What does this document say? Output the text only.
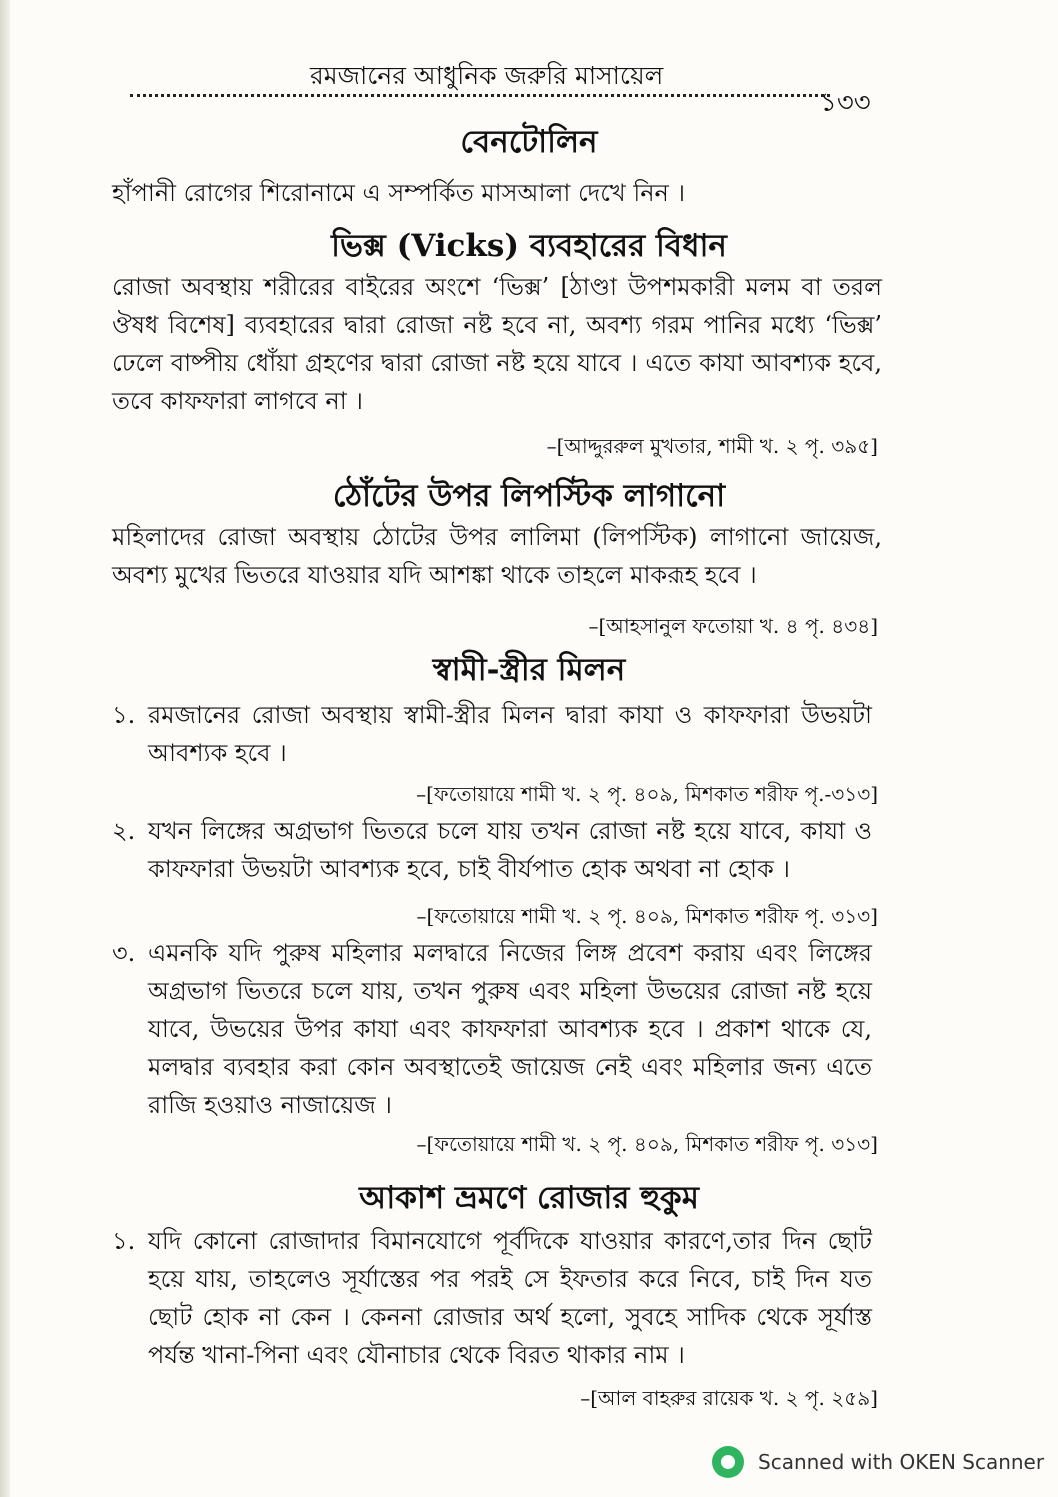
রমজানের আধুনিক জরুরি মাসায়েল
১৩৩
বেনটোলিন
হাঁপানী রোগের শিরোনামে এ সম্পর্কিত মাসআলা দেখে নিন ।
ভিক্স (Vicks) ব্যবহারের বিধান
রোজা অবস্থায় শরীরের বাইরের অংশে ‘ভিক্স’ [ঠাণ্ডা উপশমকারী মলম বা তরল ঔষধ বিশেষ] ব্যবহারের দ্বারা রোজা নষ্ট হবে না, অবশ্য গরম পানির মধ্যে ‘ভিক্স’ ঢেলে বাষ্পীয় ধোঁয়া গ্রহণের দ্বারা রোজা নষ্ট হয়ে যাবে । এতে কাযা আবশ্যক হবে, তবে কাফফারা লাগবে না ।
–[আদ্দুররুল মুখতার, শামী খ. ২ পৃ. ৩৯৫]
ঠোঁটের উপর লিপস্টিক লাগানো
মহিলাদের রোজা অবস্থায় ঠোটের উপর লালিমা (লিপস্টিক) লাগানো জায়েজ, অবশ্য মুখের ভিতরে যাওয়ার যদি আশঙ্কা থাকে তাহলে মাকরূহ হবে ।
–[আহসানুল ফতোয়া খ. ৪ পৃ. ৪৩৪]
স্বামী-স্ত্রীর মিলন
১. রমজানের রোজা অবস্থায় স্বামী-স্ত্রীর মিলন দ্বারা কাযা ও কাফফারা উভয়টা আবশ্যক হবে ।
–[ফতোয়ায়ে শামী খ. ২ পৃ. ৪০৯, মিশকাত শরীফ পৃ.-৩১৩]
২. যখন লিঙ্গের অগ্রভাগ ভিতরে চলে যায় তখন রোজা নষ্ট হয়ে যাবে, কাযা ও কাফফারা উভয়টা আবশ্যক হবে, চাই বীর্যপাত হোক অথবা না হোক ।
–[ফতোয়ায়ে শামী খ. ২ পৃ. ৪০৯, মিশকাত শরীফ পৃ. ৩১৩]
৩. এমনকি যদি পুরুষ মহিলার মলদ্বারে নিজের লিঙ্গ প্রবেশ করায় এবং লিঙ্গের অগ্রভাগ ভিতরে চলে যায়, তখন পুরুষ এবং মহিলা উভয়ের রোজা নষ্ট হয়ে যাবে, উভয়ের উপর কাযা এবং কাফফারা আবশ্যক হবে । প্রকাশ থাকে যে, মলদ্বার ব্যবহার করা কোন অবস্থাতেই জায়েজ নেই এবং মহিলার জন্য এতে রাজি হওয়াও নাজায়েজ ।
–[ফতোয়ায়ে শামী খ. ২ পৃ. ৪০৯, মিশকাত শরীফ পৃ. ৩১৩]
আকাশ ভ্রমণে রোজার হুকুম
১. যদি কোনো রোজাদার বিমানযোগে পূর্বদিকে যাওয়ার কারণে,তার দিন ছোট হয়ে যায়, তাহলেও সূর্যাস্তের পর পরই সে ইফতার করে নিবে, চাই দিন যত ছোট হোক না কেন । কেননা রোজার অর্থ হলো, সুবহে সাদিক থেকে সূর্যাস্ত পর্যন্ত খানা-পিনা এবং যৌনাচার থেকে বিরত থাকার নাম ।
–[আল বাহরুর রায়েক খ. ২ পৃ. ২৫৯]
Scanned with OKEN Scanner
